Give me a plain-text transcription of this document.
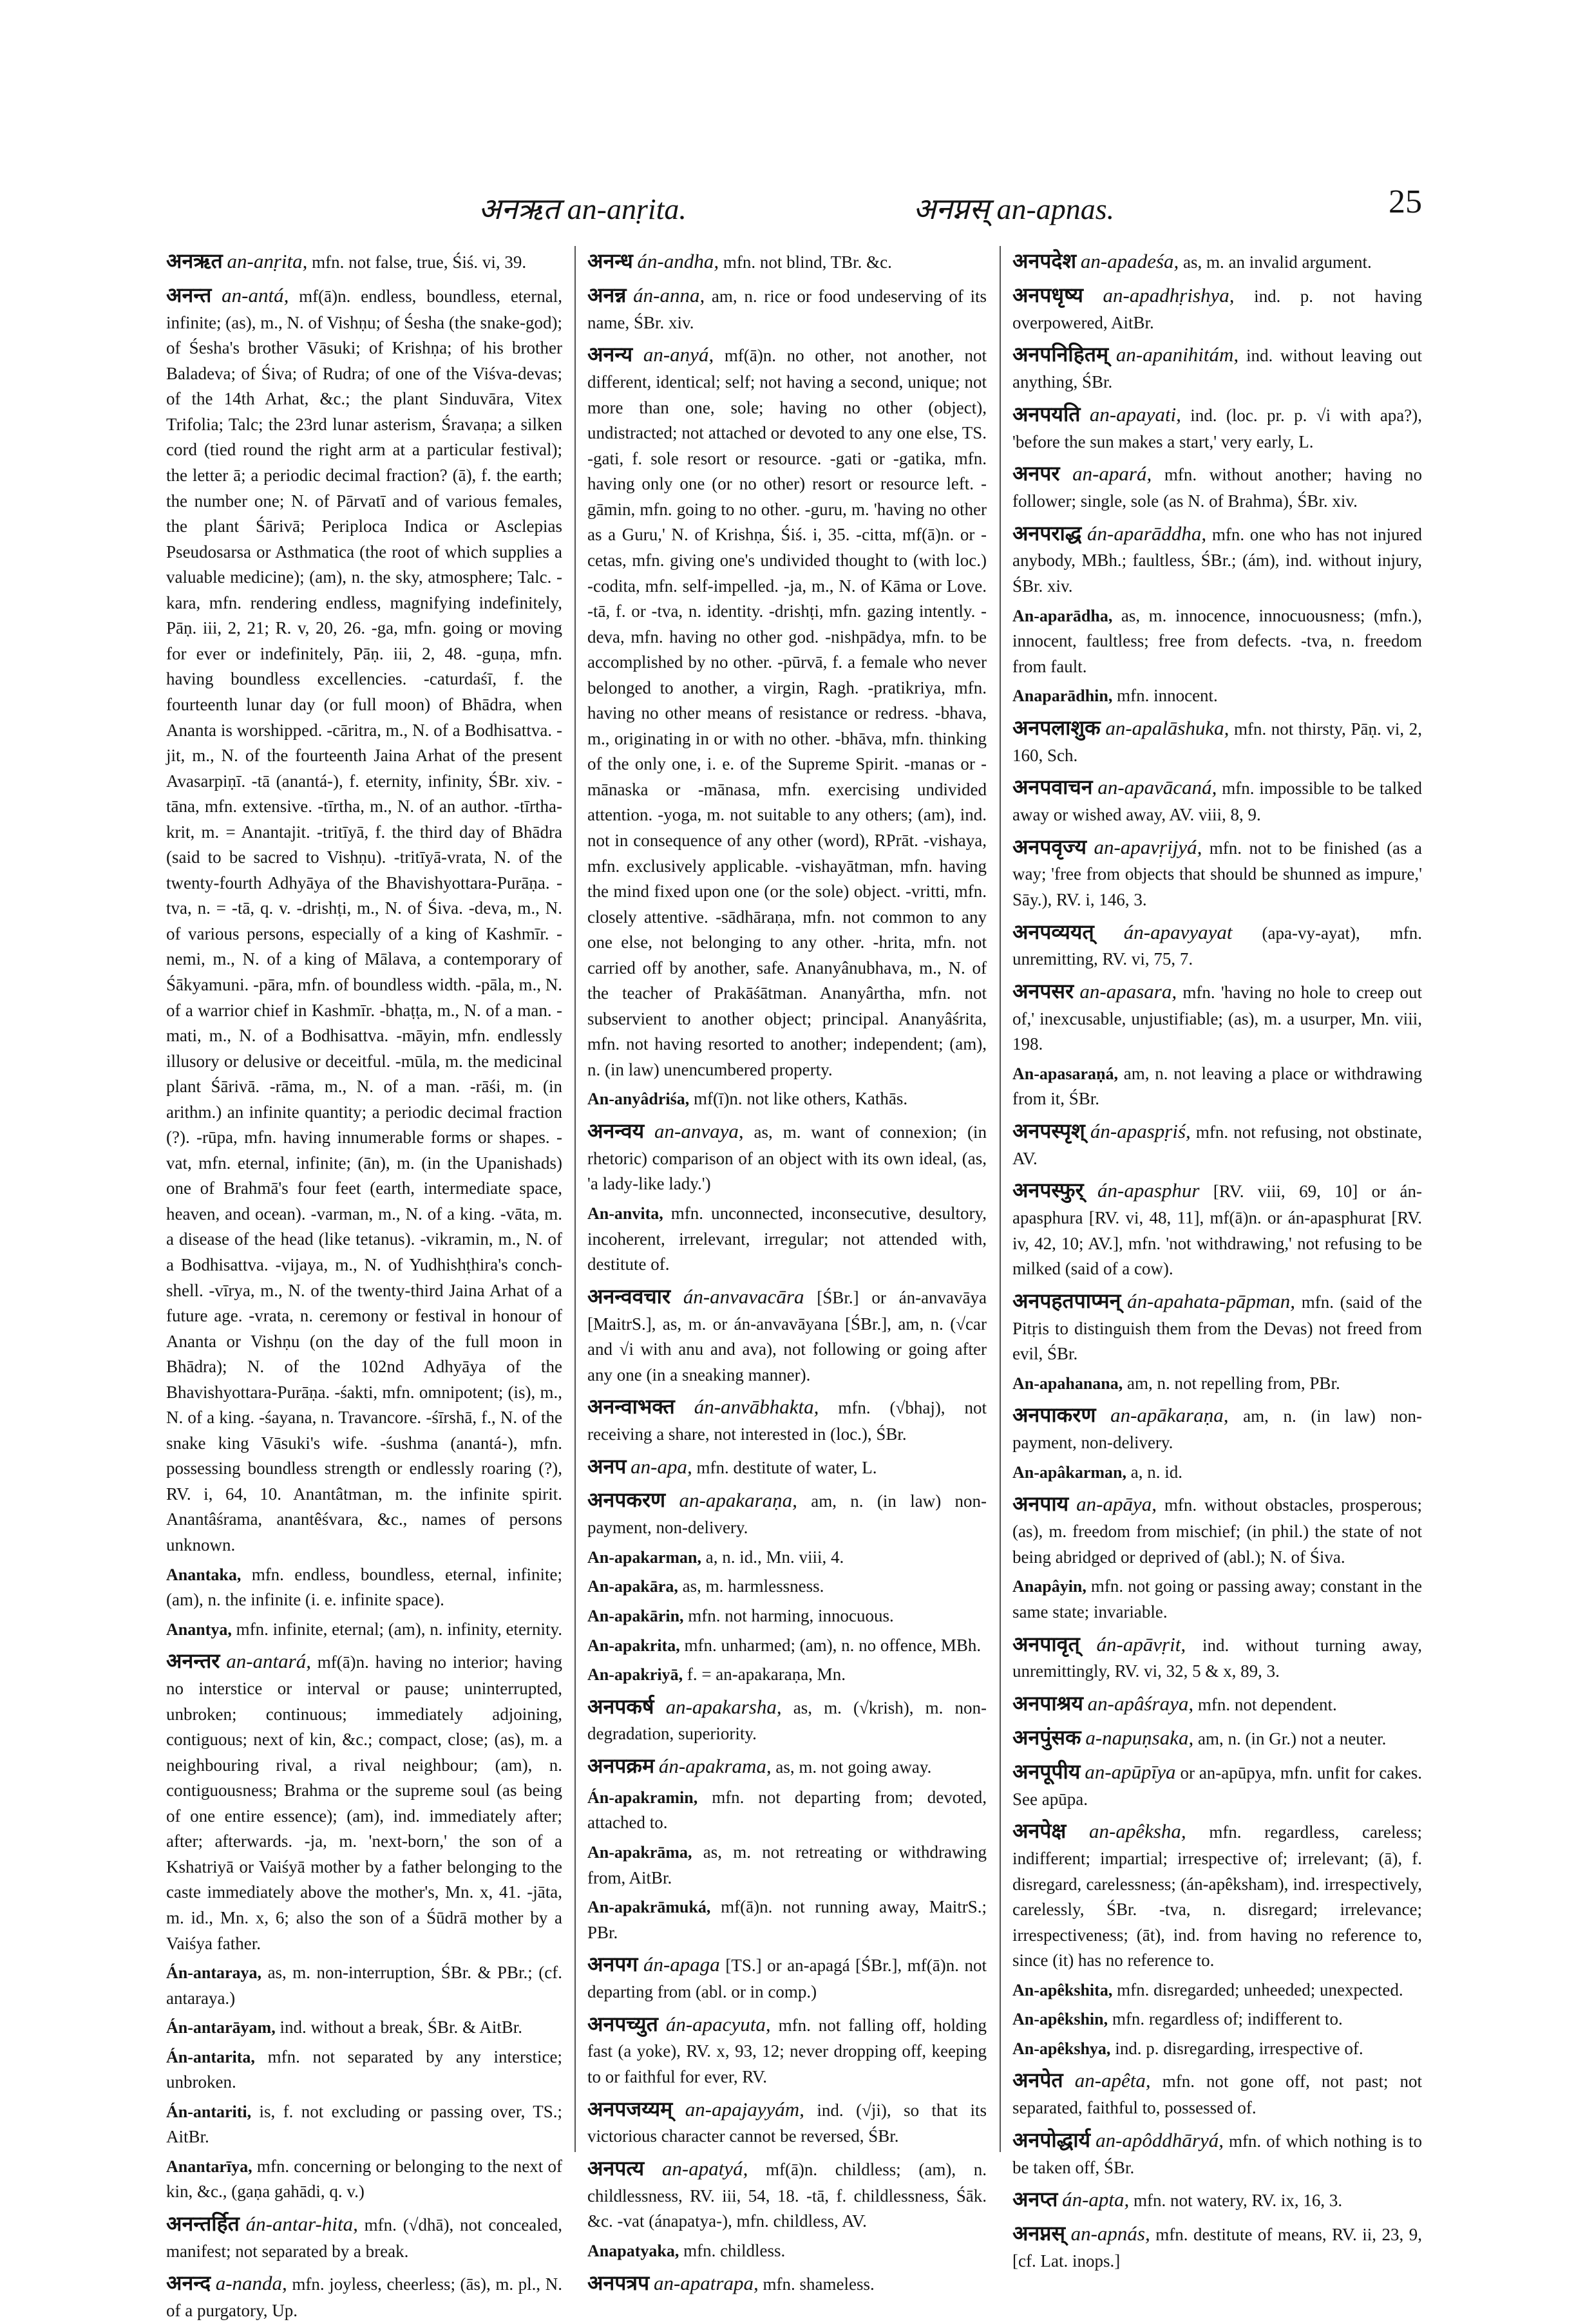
अनऋत an-anṛita.	अनप्नस् an-apnas.	25

अनऋत an-anṛita, mfn. not false, true, Śiś. vi, 39.

अनन्त an-antá, mf(ā)n. endless, boundless, eternal, infinite; (as), m., N. of Vishṇu; of Śesha (the snake-god); of Śesha's brother Vāsuki; of Krishṇa; of his brother Baladeva; of Śiva; of Rudra; of one of the Viśva-devas; of the 14th Arhat, &c.; the plant Sinduvāra, Vitex Trifolia; Talc; the 23rd lunar asterism, Śravaṇa; a silken cord (tied round the right arm at a particular festival); the letter ā; a periodic decimal fraction? (ā), f. the earth; the number one; N. of Pārvatī and of various females, the plant Śārivā; Periploca Indica or Asclepias Pseudosarsa or Asthmatica (the root of which supplies a valuable medicine); (am), n. the sky, atmosphere; Talc. -kara, mfn. rendering endless, magnifying indefinitely, Pāṇ. iii, 2, 21; R. v, 20, 26. -ga, mfn. going or moving for ever or indefinitely, Pāṇ. iii, 2, 48. -guṇa, mfn. having boundless excellencies. -caturdaśī, f. the fourteenth lunar day (or full moon) of Bhādra, when Ananta is worshipped. -cāritra, m., N. of a Bodhisattva. -jit, m., N. of the fourteenth Jaina Arhat of the present Avasarpiṇī. -tā (anantá-), f. eternity, infinity, ŚBr. xiv. -tāna, mfn. extensive. -tīrtha, m., N. of an author. -tīrtha-krit, m. = Anantajit. -tritīyā, f. the third day of Bhādra (said to be sacred to Vishṇu). -tritīyā-vrata, N. of the twenty-fourth Adhyāya of the Bhavishyottara-Purāṇa. -tva, n. = -tā, q. v. -drishṭi, m., N. of Śiva. -deva, m., N. of various persons, especially of a king of Kashmīr. -nemi, m., N. of a king of Mālava, a contemporary of Śākyamuni. -pāra, mfn. of boundless width. -pāla, m., N. of a warrior chief in Kashmīr. -bhaṭṭa, m., N. of a man. -mati, m., N. of a Bodhisattva. -māyin, mfn. endlessly illusory or delusive or deceitful. -mūla, m. the medicinal plant Śārivā. -rāma, m., N. of a man. -rāśi, m. (in arithm.) an infinite quantity; a periodic decimal fraction (?). -rūpa, mfn. having innumerable forms or shapes. -vat, mfn. eternal, infinite; (ān), m. (in the Upanishads) one of Brahmā's four feet (earth, intermediate space, heaven, and ocean). -varman, m., N. of a king. -vāta, m. a disease of the head (like tetanus). -vikramin, m., N. of a Bodhisattva. -vijaya, m., N. of Yudhishṭhira's conch-shell. -vīrya, m., N. of the twenty-third Jaina Arhat of a future age. -vrata, n. ceremony or festival in honour of Ananta or Vishṇu (on the day of the full moon in Bhādra); N. of the 102nd Adhyāya of the Bhavishyottara-Purāṇa. -śakti, mfn. omnipotent; (is), m., N. of a king. -śayana, n. Travancore. -śīrshā, f., N. of the snake king Vāsuki's wife. -śushma (anantá-), mfn. possessing boundless strength or endlessly roaring (?), RV. i, 64, 10. Anantâtman, m. the infinite spirit. Anantâśrama, anantêśvara, &c., names of persons unknown.

Anantaka, mfn. endless, boundless, eternal, infinite; (am), n. the infinite (i. e. infinite space).

Anantya, mfn. infinite, eternal; (am), n. infinity, eternity.

अनन्तर an-antará, mf(ā)n. having no interior; having no interstice or interval or pause; uninterrupted, unbroken; continuous; immediately adjoining, contiguous; next of kin, &c.; compact, close; (as), m. a neighbouring rival, a rival neighbour; (am), n. contiguousness; Brahma or the supreme soul (as being of one entire essence); (am), ind. immediately after; after; afterwards. -ja, m. 'next-born,' the son of a Kshatriyā or Vaiśyā mother by a father belonging to the caste immediately above the mother's, Mn. x, 41. -jāta, m. id., Mn. x, 6; also the son of a Śūdrā mother by a Vaiśya father.

Án-antaraya, as, m. non-interruption, ŚBr. & PBr.; (cf. antaraya.)

Án-antarāyam, ind. without a break, ŚBr. & AitBr.

Án-antarita, mfn. not separated by any interstice; unbroken.

Án-antariti, is, f. not excluding or passing over, TS.; AitBr.

Anantarīya, mfn. concerning or belonging to the next of kin, &c., (gaṇa gahādi, q. v.)

अनन्तर्हित án-antar-hita, mfn. (√dhā), not concealed, manifest; not separated by a break.

अनन्द a-nanda, mfn. joyless, cheerless; (ās), m. pl., N. of a purgatory, Up.

अनन्ध án-andha, mfn. not blind, TBr. &c.

अनन्न án-anna, am, n. rice or food undeserving of its name, ŚBr. xiv.

अनन्य an-anyá, mf(ā)n. no other, not another, not different, identical; self; not having a second, unique; not more than one, sole; having no other (object), undistracted; not attached or devoted to any one else, TS. -gati, f. sole resort or resource. -gati or -gatika, mfn. having only one (or no other) resort or resource left. -gāmin, mfn. going to no other. -guru, m. 'having no other as a Guru,' N. of Krishṇa, Śiś. i, 35. -citta, mf(ā)n. or -cetas, mfn. giving one's undivided thought to (with loc.) -codita, mfn. self-impelled. -ja, m., N. of Kāma or Love. -tā, f. or -tva, n. identity. -drishṭi, mfn. gazing intently. -deva, mfn. having no other god. -nishpādya, mfn. to be accomplished by no other. -pūrvā, f. a female who never belonged to another, a virgin, Ragh. -pratikriya, mfn. having no other means of resistance or redress. -bhava, m., originating in or with no other. -bhāva, mfn. thinking of the only one, i. e. of the Supreme Spirit. -manas or -mānaska or -mānasa, mfn. exercising undivided attention. -yoga, m. not suitable to any others; (am), ind. not in consequence of any other (word), RPrāt. -vishaya, mfn. exclusively applicable. -vishayātman, mfn. having the mind fixed upon one (or the sole) object. -vritti, mfn. closely attentive. -sādhāraṇa, mfn. not common to any one else, not belonging to any other. -hrita, mfn. not carried off by another, safe. Ananyânubhava, m., N. of the teacher of Prakāśātman. Ananyârtha, mfn. not subservient to another object; principal. Ananyâśrita, mfn. not having resorted to another; independent; (am), n. (in law) unencumbered property.

An-anyâdriśa, mf(ī)n. not like others, Kathās.

अनन्वय an-anvaya, as, m. want of connexion; (in rhetoric) comparison of an object with its own ideal, (as, 'a lady-like lady.')

An-anvita, mfn. unconnected, inconsecutive, desultory, incoherent, irrelevant, irregular; not attended with, destitute of.

अनन्ववचार án-anvavacāra [ŚBr.] or án-anvavāya [MaitrS.], as, m. or án-anvavāyana [ŚBr.], am, n. (√car and √i with anu and ava), not following or going after any one (in a sneaking manner).

अनन्वाभक्त án-anvābhakta, mfn. (√bhaj), not receiving a share, not interested in (loc.), ŚBr.

अनप an-apa, mfn. destitute of water, L.

अनपकरण an-apakaraṇa, am, n. (in law) non-payment, non-delivery.

An-apakarman, a, n. id., Mn. viii, 4.

An-apakāra, as, m. harmlessness.

An-apakārin, mfn. not harming, innocuous.

An-apakrita, mfn. unharmed; (am), n. no offence, MBh.

An-apakriyā, f. = an-apakaraṇa, Mn.

अनपकर्ष an-apakarsha, as, m. (√krish), m. non-degradation, superiority.

अनपक्रम án-apakrama, as, m. not going away.

Án-apakramin, mfn. not departing from; devoted, attached to.

An-apakrāma, as, m. not retreating or withdrawing from, AitBr.

An-apakrāmuká, mf(ā)n. not running away, MaitrS.; PBr.

अनपग án-apaga [TS.] or an-apagá [ŚBr.], mf(ā)n. not departing from (abl. or in comp.)

अनपच्युत án-apacyuta, mfn. not falling off, holding fast (a yoke), RV. x, 93, 12; never dropping off, keeping to or faithful for ever, RV.

अनपजय्यम् an-apajayyám, ind. (√ji), so that its victorious character cannot be reversed, ŚBr.

अनपत्य an-apatyá, mf(ā)n. childless; (am), n. childlessness, RV. iii, 54, 18. -tā, f. childlessness, Śāk. &c. -vat (ánapatya-), mfn. childless, AV.

Anapatyaka, mfn. childless.

अनपत्रप an-apatrapa, mfn. shameless.

अनपदेश an-apadeśa, as, m. an invalid argument.

अनपधृष्य an-apadhṛishya, ind. p. not having overpowered, AitBr.

अनपनिहितम् an-apanihitám, ind. without leaving out anything, ŚBr.

अनपयति an-apayati, ind. (loc. pr. p. √i with apa?), 'before the sun makes a start,' very early, L.

अनपर an-apará, mfn. without another; having no follower; single, sole (as N. of Brahma), ŚBr. xiv.

अनपराद्ध án-aparāddha, mfn. one who has not injured anybody, MBh.; faultless, ŚBr.; (ám), ind. without injury, ŚBr. xiv.

An-aparādha, as, m. innocence, innocuousness; (mfn.), innocent, faultless; free from defects. -tva, n. freedom from fault.

Anaparādhin, mfn. innocent.

अनपलाशुक an-apalāshuka, mfn. not thirsty, Pāṇ. vi, 2, 160, Sch.

अनपवाचन an-apavācaná, mfn. impossible to be talked away or wished away, AV. viii, 8, 9.

अनपवृज्य an-apavṛijyá, mfn. not to be finished (as a way; 'free from objects that should be shunned as impure,' Sāy.), RV. i, 146, 3.

अनपव्ययत् án-apavyayat (apa-vy-ayat), mfn. unremitting, RV. vi, 75, 7.

अनपसर an-apasara, mfn. 'having no hole to creep out of,' inexcusable, unjustifiable; (as), m. a usurper, Mn. viii, 198.

An-apasaraṇá, am, n. not leaving a place or withdrawing from it, ŚBr.

अनपस्पृश् án-apaspṛiś, mfn. not refusing, not obstinate, AV.

अनपस्फुर् án-apasphur [RV. viii, 69, 10] or án-apasphura [RV. vi, 48, 11], mf(ā)n. or án-apasphurat [RV. iv, 42, 10; AV.], mfn. 'not withdrawing,' not refusing to be milked (said of a cow).

अनपहतपाप्मन् án-apahata-pāpman, mfn. (said of the Pitṛis to distinguish them from the Devas) not freed from evil, ŚBr.

An-apahanana, am, n. not repelling from, PBr.

अनपाकरण an-apākaraṇa, am, n. (in law) non-payment, non-delivery.

An-apâkarman, a, n. id.

अनपाय an-apāya, mfn. without obstacles, prosperous; (as), m. freedom from mischief; (in phil.) the state of not being abridged or deprived of (abl.); N. of Śiva.

Anapâyin, mfn. not going or passing away; constant in the same state; invariable.

अनपावृत् án-apāvṛit, ind. without turning away, unremittingly, RV. vi, 32, 5 & x, 89, 3.

अनपाश्रय an-apâśraya, mfn. not dependent.

अनपुंसक a-napuṇsaka, am, n. (in Gr.) not a neuter.

अनपूपीय an-apūpīya or an-apūpya, mfn. unfit for cakes. See apūpa.

अनपेक्ष an-apêksha, mfn. regardless, careless; indifferent; impartial; irrespective of; irrelevant; (ā), f. disregard, carelessness; (án-apêksham), ind. irrespectively, carelessly, ŚBr. -tva, n. disregard; irrelevance; irrespectiveness; (āt), ind. from having no reference to, since (it) has no reference to.

An-apêkshita, mfn. disregarded; unheeded; unexpected.

An-apêkshin, mfn. regardless of; indifferent to.

An-apêkshya, ind. p. disregarding, irrespective of.

अनपेत an-apêta, mfn. not gone off, not past; not separated, faithful to, possessed of.

अनपोद्धार्य an-apôddhāryá, mfn. of which nothing is to be taken off, ŚBr.

अनप्त án-apta, mfn. not watery, RV. ix, 16, 3.

अनप्नस् an-apnás, mfn. destitute of means, RV. ii, 23, 9, [cf. Lat. inops.]
